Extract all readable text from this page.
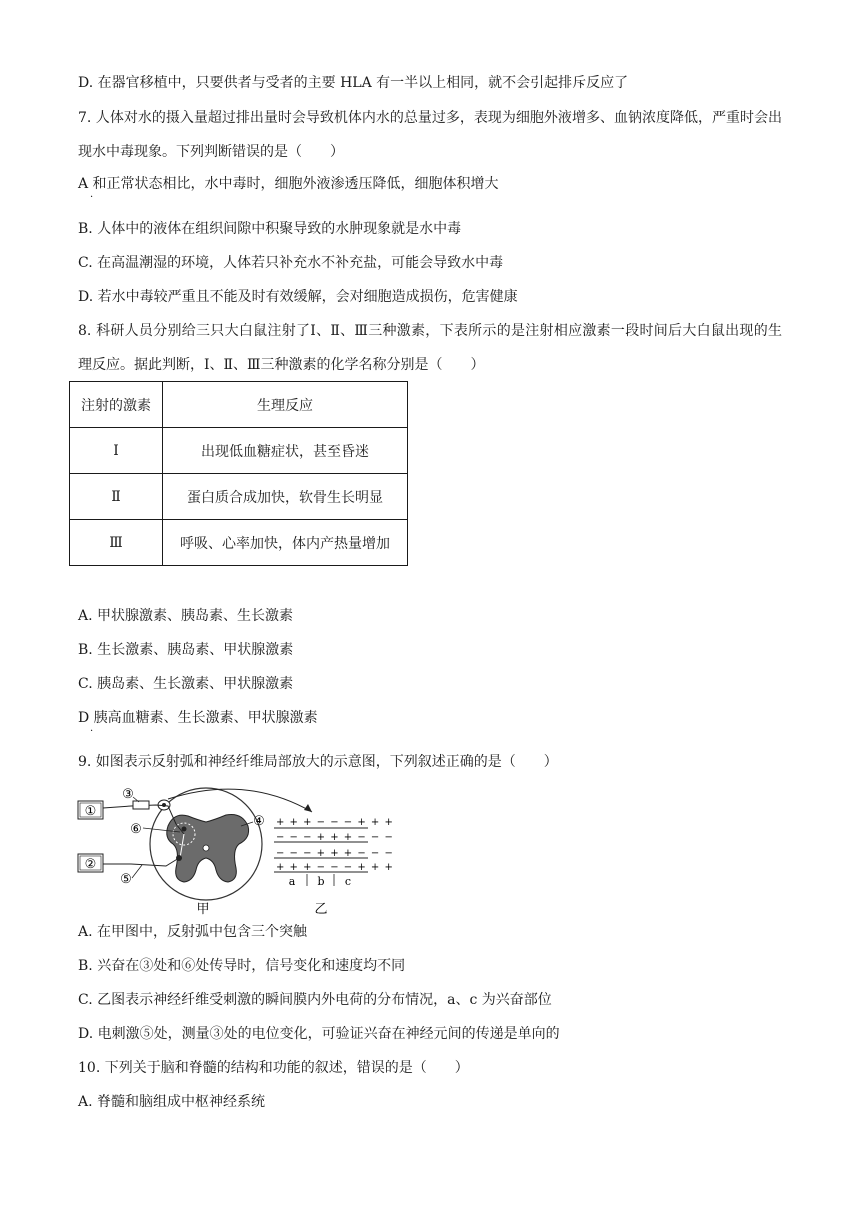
D. 在器官移植中，只要供者与受者的主要 HLA 有一半以上相同，就不会引起排斥反应了
7. 人体对水的摄入量超过排出量时会导致机体内水的总量过多，表现为细胞外液增多、血钠浓度降低，严重时会出现水中毒现象。下列判断错误的是（　　）
A 和正常状态相比，水中毒时，细胞外液渗透压降低，细胞体积增大
·
B. 人体中的液体在组织间隙中积聚导致的水肿现象就是水中毒
C. 在高温潮湿的环境，人体若只补充水不补充盐，可能会导致水中毒
D. 若水中毒较严重且不能及时有效缓解，会对细胞造成损伤，危害健康
8. 科研人员分别给三只大白鼠注射了Ⅰ、Ⅱ、Ⅲ三种激素，下表所示的是注射相应激素一段时间后大白鼠出现的生理反应。据此判断，Ⅰ、Ⅱ、Ⅲ三种激素的化学名称分别是（　　）
注射的激素	生理反应
Ⅰ	出现低血糖症状，甚至昏迷
Ⅱ	蛋白质合成加快，软骨生长明显
Ⅲ	呼吸、心率加快，体内产热量增加
A. 甲状腺激素、胰岛素、生长激素
B. 生长激素、胰岛素、甲状腺激素
C. 胰岛素、生长激素、甲状腺激素
D 胰高血糖素、生长激素、甲状腺激素
·
9. 如图表示反射弧和神经纤维局部放大的示意图，下列叙述正确的是（　　）
①
②
③
⑥
④
⑤
+ + + − − − + + +
− − − + + + − − −
− − − + + + − − −
+ + + − − − + + +
a b c
甲	乙
A. 在甲图中，反射弧中包含三个突触
B. 兴奋在③处和⑥处传导时，信号变化和速度均不同
C. 乙图表示神经纤维受刺激的瞬间膜内外电荷的分布情况，a、c 为兴奋部位
D. 电刺激⑤处，测量③处的电位变化，可验证兴奋在神经元间的传递是单向的
10. 下列关于脑和脊髓的结构和功能的叙述，错误的是（　　）
A. 脊髓和脑组成中枢神经系统
